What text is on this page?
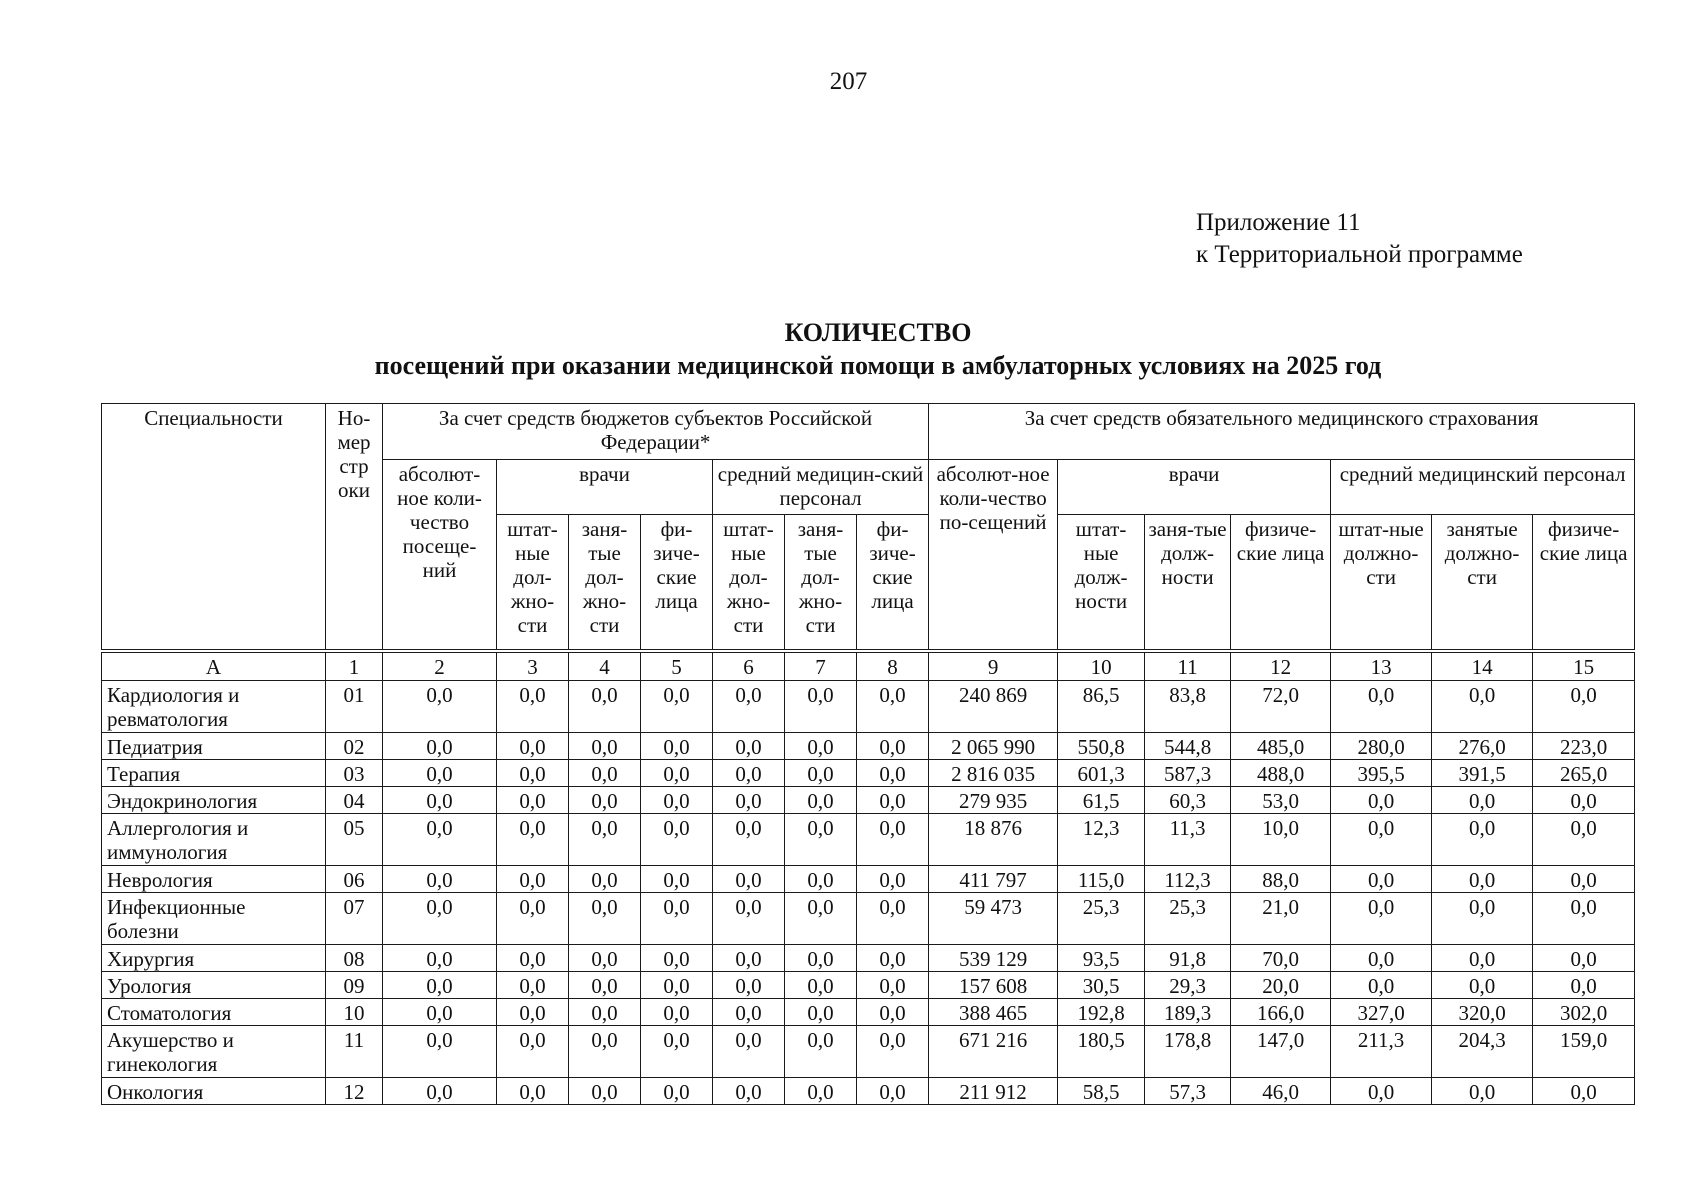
207
Приложение 11
к Территориальной программе
КОЛИЧЕСТВО
посещений при оказании медицинской помощи в амбулаторных условиях на 2025 год
Специальности	Но-мер стр оки	За счет средств бюджетов субъектов Российской Федерации*							За счет средств обязательного медицинского страхования						
		абсолют-ное коли-чество посеще-ний	врачи			средний медицин-ский персонал			абсолют-ное коли-чество по-сещений	врачи			средний медицинский персонал		
			штат-ные дол-жно-сти	заня-тые дол-жно-сти	фи-зиче-ские лица	штат-ные дол-жно-сти	заня-тые дол-жно-сти	фи-зиче-ские лица		штат-ные долж-ности	заня-тые долж-ности	физиче-ские лица	штат-ные должно-сти	занятые должно-сти	физиче-ские лица

А	1	2	3	4	5	6	7	8	9	10	11	12	13	14	15
Кардиология и ревматология	01	0,0	0,0	0,0	0,0	0,0	0,0	0,0	240 869	86,5	83,8	72,0	0,0	0,0	0,0
Педиатрия	02	0,0	0,0	0,0	0,0	0,0	0,0	0,0	2 065 990	550,8	544,8	485,0	280,0	276,0	223,0
Терапия	03	0,0	0,0	0,0	0,0	0,0	0,0	0,0	2 816 035	601,3	587,3	488,0	395,5	391,5	265,0
Эндокринология	04	0,0	0,0	0,0	0,0	0,0	0,0	0,0	279 935	61,5	60,3	53,0	0,0	0,0	0,0
Аллергология и иммунология	05	0,0	0,0	0,0	0,0	0,0	0,0	0,0	18 876	12,3	11,3	10,0	0,0	0,0	0,0
Неврология	06	0,0	0,0	0,0	0,0	0,0	0,0	0,0	411 797	115,0	112,3	88,0	0,0	0,0	0,0
Инфекционные болезни	07	0,0	0,0	0,0	0,0	0,0	0,0	0,0	59 473	25,3	25,3	21,0	0,0	0,0	0,0
Хирургия	08	0,0	0,0	0,0	0,0	0,0	0,0	0,0	539 129	93,5	91,8	70,0	0,0	0,0	0,0
Урология	09	0,0	0,0	0,0	0,0	0,0	0,0	0,0	157 608	30,5	29,3	20,0	0,0	0,0	0,0
Стоматология	10	0,0	0,0	0,0	0,0	0,0	0,0	0,0	388 465	192,8	189,3	166,0	327,0	320,0	302,0
Акушерство и гинекология	11	0,0	0,0	0,0	0,0	0,0	0,0	0,0	671 216	180,5	178,8	147,0	211,3	204,3	159,0
Онкология	12	0,0	0,0	0,0	0,0	0,0	0,0	0,0	211 912	58,5	57,3	46,0	0,0	0,0	0,0
